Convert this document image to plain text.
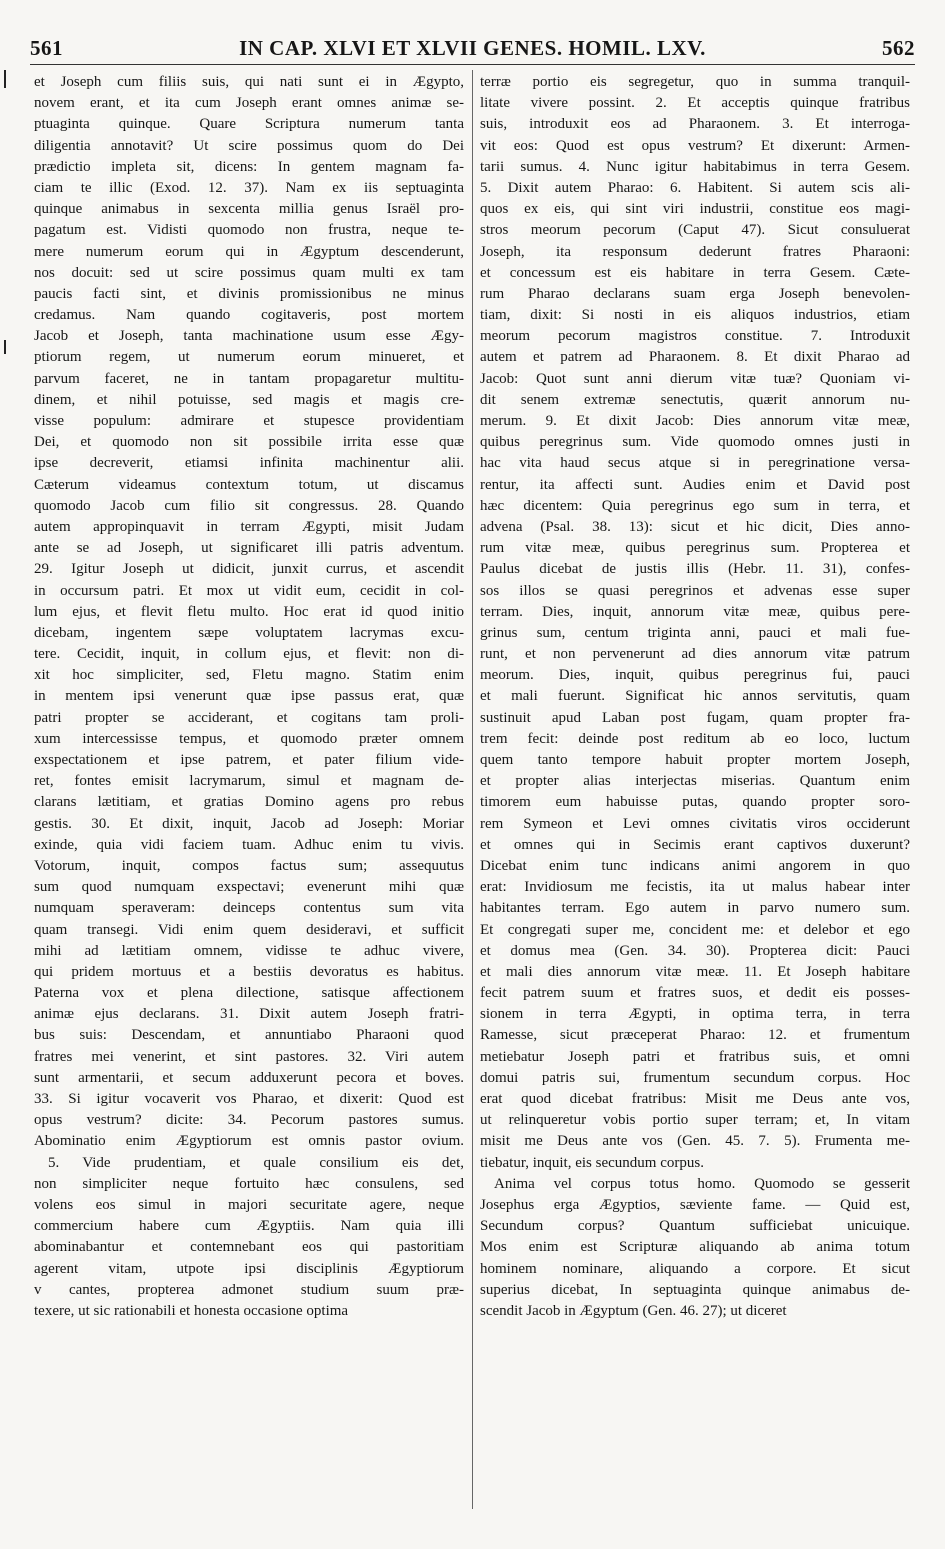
561	IN CAP. XLVI ET XLVII GENES. HOMIL. LXV.	562
et Joseph cum filiis suis, qui nati sunt ei in Ægypto,
novem erant, et ita cum Joseph erant omnes animæ se-
ptuaginta quinque. Quare Scriptura numerum tanta
diligentia annotavit? Ut scire possimus quom do Dei
prædictio impleta sit, dicens: In gentem magnam fa-
ciam te illic (Exod. 12. 37). Nam ex iis septuaginta
quinque animabus in sexcenta millia genus Israël pro-
pagatum est. Vidisti quomodo non frustra, neque te-
mere numerum eorum qui in Ægyptum descenderunt,
nos docuit: sed ut scire possimus quam multi ex tam
paucis facti sint, et divinis promissionibus ne minus
credamus. Nam quando cogitaveris, post mortem
Jacob et Joseph, tanta machinatione usum esse Ægy-
ptiorum regem, ut numerum eorum minueret, et
parvum faceret, ne in tantam propagaretur multitu-
dinem, et nihil potuisse, sed magis et magis cre-
visse populum: admirare et stupesce providentiam
Dei, et quomodo non sit possibile irrita esse quæ
ipse decreverit, etiamsi infinita machinentur alii.
Cæterum videamus contextum totum, ut discamus
quomodo Jacob cum filio sit congressus. 28. Quando
autem appropinquavit in terram Ægypti, misit Judam
ante se ad Joseph, ut significaret illi patris adventum.
29. Igitur Joseph ut didicit, junxit currus, et ascendit
in occursum patri. Et mox ut vidit eum, cecidit in col-
lum ejus, et flevit fletu multo. Hoc erat id quod initio
dicebam, ingentem sæpe voluptatem lacrymas excu-
tere. Cecidit, inquit, in collum ejus, et flevit: non di-
xit hoc simpliciter, sed, Fletu magno. Statim enim
in mentem ipsi venerunt quæ ipse passus erat, quæ
patri propter se acciderant, et cogitans tam proli-
xum intercessisse tempus, et quomodo præter omnem
exspectationem et ipse patrem, et pater filium vide-
ret, fontes emisit lacrymarum, simul et magnam de-
clarans lætitiam, et gratias Domino agens pro rebus
gestis. 30. Et dixit, inquit, Jacob ad Joseph: Moriar
exinde, quia vidi faciem tuam. Adhuc enim tu vivis.
Votorum, inquit, compos factus sum; assequutus
sum quod numquam exspectavi; evenerunt mihi quæ
numquam speraveram: deinceps contentus sum vita
quam transegi. Vidi enim quem desideravi, et sufficit
mihi ad lætitiam omnem, vidisse te adhuc vivere,
qui pridem mortuus et a bestiis devoratus es habitus.
Paterna vox et plena dilectione, satisque affectionem
animæ ejus declarans. 31. Dixit autem Joseph fratri-
bus suis: Descendam, et annuntiabo Pharaoni quod
fratres mei venerint, et sint pastores. 32. Viri autem
sunt armentarii, et secum adduxerunt pecora et boves.
33. Si igitur vocaverit vos Pharao, et dixerit: Quod est
opus vestrum? dicite: 34. Pecorum pastores sumus.
Abominatio enim Ægyptiorum est omnis pastor ovium.
5. Vide prudentiam, et quale consilium eis det,
non simpliciter neque fortuito hæc consulens, sed
volens eos simul in majori securitate agere, neque
commercium habere cum Ægyptiis. Nam quia illi
abominabantur et contemnebant eos qui pastoritiam
agerent vitam, utpote ipsi disciplinis Ægyptiorum
v cantes, propterea admonet studium suum præ-
texere, ut sic rationabili et honesta occasione optima
terræ portio eis segregetur, quo in summa tranquil-
litate vivere possint. 2. Et acceptis quinque fratribus
suis, introduxit eos ad Pharaonem. 3. Et interroga-
vit eos: Quod est opus vestrum? Et dixerunt: Armen-
tarii sumus. 4. Nunc igitur habitabimus in terra Gesem.
5. Dixit autem Pharao: 6. Habitent. Si autem scis ali-
quos ex eis, qui sint viri industrii, constitue eos magi-
stros meorum pecorum (Caput 47). Sicut consuluerat
Joseph, ita responsum dederunt fratres Pharaoni:
et concessum est eis habitare in terra Gesem. Cæte-
rum Pharao declarans suam erga Joseph benevolen-
tiam, dixit: Si nosti in eis aliquos industrios, etiam
meorum pecorum magistros constitue. 7. Introduxit
autem et patrem ad Pharaonem. 8. Et dixit Pharao ad
Jacob: Quot sunt anni dierum vitæ tuæ? Quoniam vi-
dit senem extremæ senectutis, quærit annorum nu-
merum. 9. Et dixit Jacob: Dies annorum vitæ meæ,
quibus peregrinus sum. Vide quomodo omnes justi in
hac vita haud secus atque si in peregrinatione versa-
rentur, ita affecti sunt. Audies enim et David post
hæc dicentem: Quia peregrinus ego sum in terra, et
advena (Psal. 38. 13): sicut et hic dicit, Dies anno-
rum vitæ meæ, quibus peregrinus sum. Propterea et
Paulus dicebat de justis illis (Hebr. 11. 31), confes-
sos illos se quasi peregrinos et advenas esse super
terram. Dies, inquit, annorum vitæ meæ, quibus pere-
grinus sum, centum triginta anni, pauci et mali fue-
runt, et non pervenerunt ad dies annorum vitæ patrum
meorum. Dies, inquit, quibus peregrinus fui, pauci
et mali fuerunt. Significat hic annos servitutis, quam
sustinuit apud Laban post fugam, quam propter fra-
trem fecit: deinde post reditum ab eo loco, luctum
quem tanto tempore habuit propter mortem Joseph,
et propter alias interjectas miserias. Quantum enim
timorem eum habuisse putas, quando propter soro-
rem Symeon et Levi omnes civitatis viros occiderunt
et omnes qui in Secimis erant captivos duxerunt?
Dicebat enim tunc indicans animi angorem in quo
erat: Invidiosum me fecistis, ita ut malus habear inter
habitantes terram. Ego autem in parvo numero sum.
Et congregati super me, concident me: et delebor et ego
et domus mea (Gen. 34. 30). Propterea dicit: Pauci
et mali dies annorum vitæ meæ. 11. Et Joseph habitare
fecit patrem suum et fratres suos, et dedit eis posses-
sionem in terra Ægypti, in optima terra, in terra
Ramesse, sicut præceperat Pharao: 12. et frumentum
metiebatur Joseph patri et fratribus suis, et omni
domui patris sui, frumentum secundum corpus. Hoc
erat quod dicebat fratribus: Misit me Deus ante vos,
ut relinqueretur vobis portio super terram; et, In vitam
misit me Deus ante vos (Gen. 45. 7. 5). Frumenta me-
tiebatur, inquit, eis secundum corpus.
Anima vel corpus totus homo. Quomodo se gesserit
Josephus erga Ægyptios, sæviente fame. — Quid est,
Secundum corpus? Quantum sufficiebat unicuique.
Mos enim est Scripturæ aliquando ab anima totum
hominem nominare, aliquando a corpore. Et sicut
superius dicebat, In septuaginta quinque animabus de-
scendit Jacob in Ægyptum (Gen. 46. 27); ut diceret
